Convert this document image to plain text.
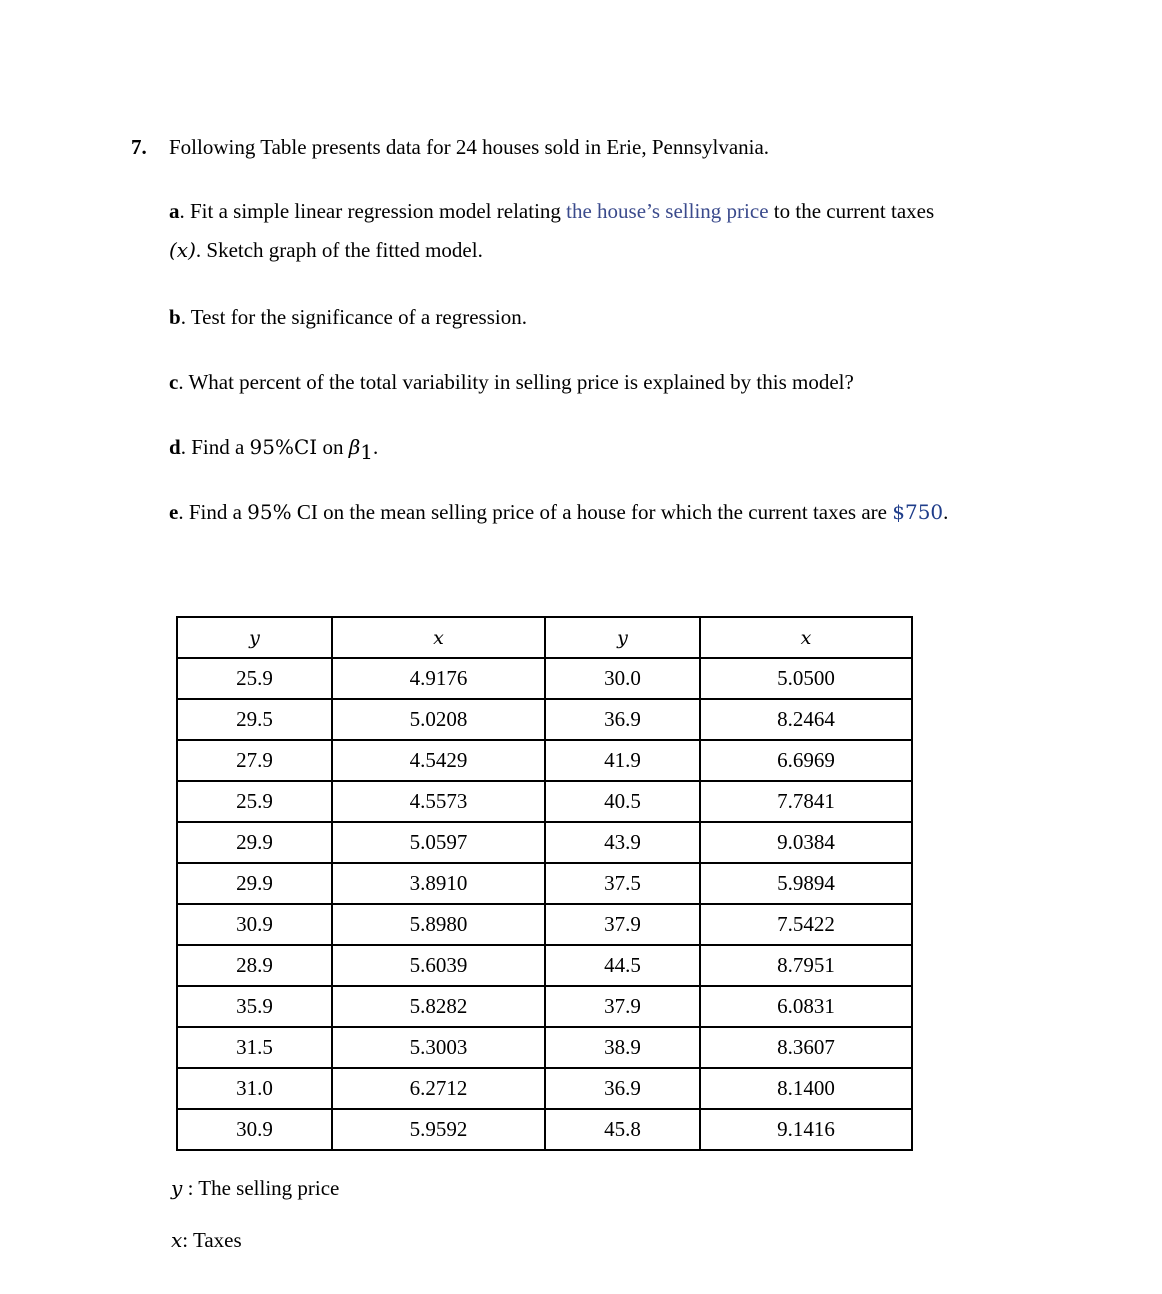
7. Following Table presents data for 24 houses sold in Erie, Pennsylvania.
a. Fit a simple linear regression model relating the house’s selling price to the current taxes
(x). Sketch graph of the fitted model.
b. Test for the significance of a regression.
c. What percent of the total variability in selling price is explained by this model?
d. Find a 95%CI on $\beta_1$.
e. Find a 95% CI on the mean selling price of a house for which the current taxes are $750.
y	x	y	x
25.9	4.9176	30.0	5.0500
29.5	5.0208	36.9	8.2464
27.9	4.5429	41.9	6.6969
25.9	4.5573	40.5	7.7841
29.9	5.0597	43.9	9.0384
29.9	3.8910	37.5	5.9894
30.9	5.8980	37.9	7.5422
28.9	5.6039	44.5	8.7951
35.9	5.8282	37.9	6.0831
31.5	5.3003	38.9	8.3607
31.0	6.2712	36.9	8.1400
30.9	5.9592	45.8	9.1416
y : The selling price
x: Taxes
